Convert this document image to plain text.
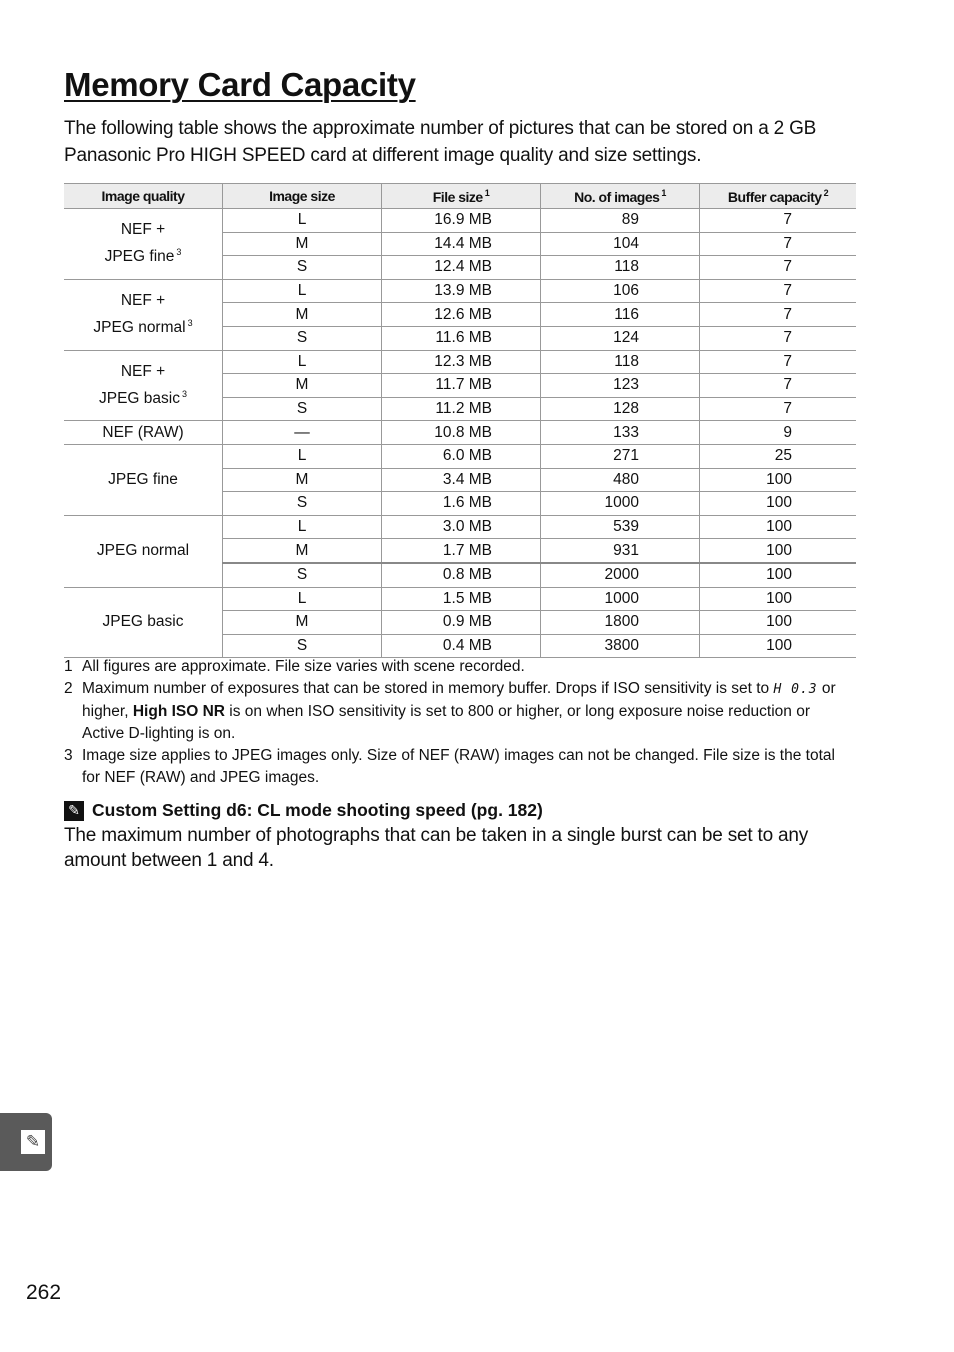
Memory Card Capacity

The following table shows the approximate number of pictures that can be stored on a 2 GB Panasonic Pro HIGH SPEED card at different image quality and size settings.

Image quality	Image size	File size $^1$	No. of images $^1$	Buffer capacity $^2$

NEF +
JPEG fine $^3$	L	16.9 MB	89	7
	M	14.4 MB	104	7
	S	12.4 MB	118	7

NEF +
JPEG normal $^3$	L	13.9 MB	106	7
	M	12.6 MB	116	7
	S	11.6 MB	124	7

NEF +
JPEG basic $^3$	L	12.3 MB	118	7
	M	11.7 MB	123	7
	S	11.2 MB	128	7

NEF (RAW)	—	10.8 MB	133	9

JPEG fine	L	6.0 MB	271	25
	M	3.4 MB	480	100
	S	1.6 MB	1000	100

JPEG normal	L	3.0 MB	539	100
	M	1.7 MB	931	100
	S	0.8 MB	2000	100

JPEG basic	L	1.5 MB	1000	100
	M	0.9 MB	1800	100
	S	0.4 MB	3800	100
1 All figures are approximate. File size varies with scene recorded.
2 Maximum number of exposures that can be stored in memory buffer. Drops if ISO sensitivity is set to H 0.3 or higher, High ISO NR is on when ISO sensitivity is set to 800 or higher, or long exposure noise reduction or Active D-lighting is on.
3 Image size applies to JPEG images only. Size of NEF (RAW) images can not be changed. File size is the total for NEF (RAW) and JPEG images.
✎ Custom Setting d6: CL mode shooting speed (pg. 182)

The maximum number of photographs that can be taken in a single burst can be set to any amount between 1 and 4.

✎
262
